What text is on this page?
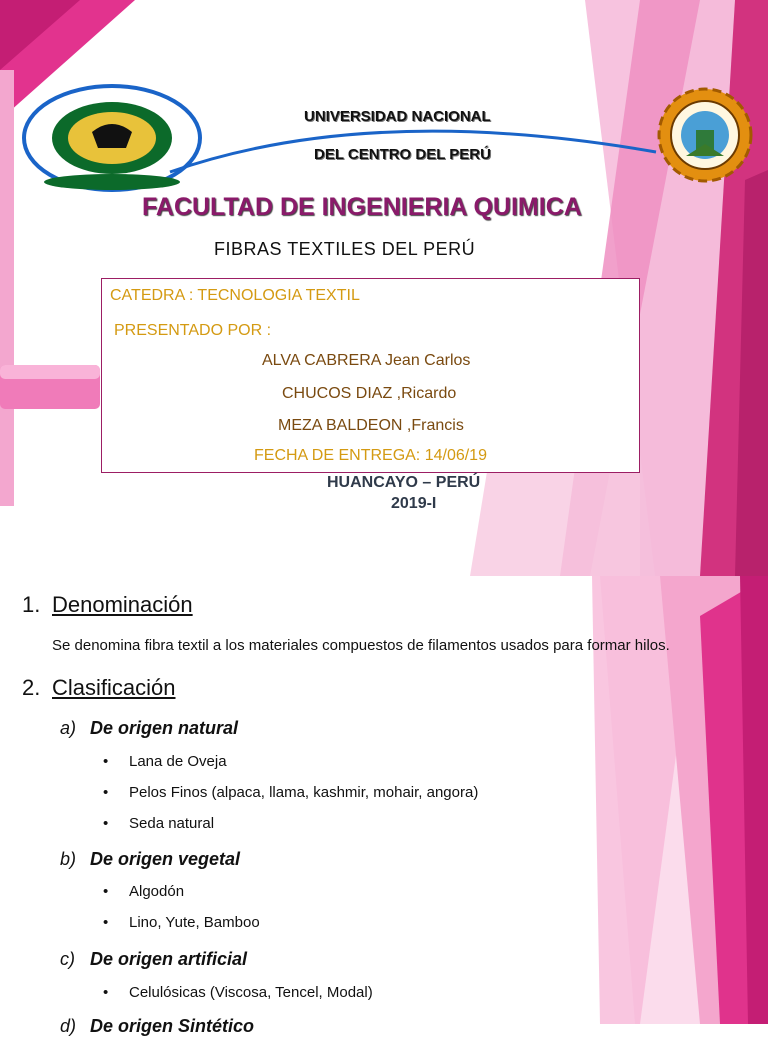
UNIVERSIDAD NACIONAL
DEL CENTRO DEL PERÚ
FACULTAD DE INGENIERIA QUIMICA
FIBRAS TEXTILES DEL PERÚ
CATEDRA : TECNOLOGIA TEXTIL
PRESENTADO POR :
ALVA CABRERA Jean Carlos
CHUCOS DIAZ ,Ricardo
MEZA BALDEON ,Francis
FECHA DE ENTREGA: 14/06/19
HUANCAYO – PERÚ
2019-I
1. Denominación
Se denomina fibra textil a los materiales compuestos de filamentos usados para formar hilos.
2. Clasificación
a) De origen natural
• Lana de Oveja
• Pelos Finos (alpaca, llama, kashmir, mohair, angora)
• Seda natural
b) De origen vegetal
• Algodón
• Lino, Yute, Bamboo
c) De origen artificial
• Celulósicas (Viscosa, Tencel, Modal)
d) De origen Sintético
